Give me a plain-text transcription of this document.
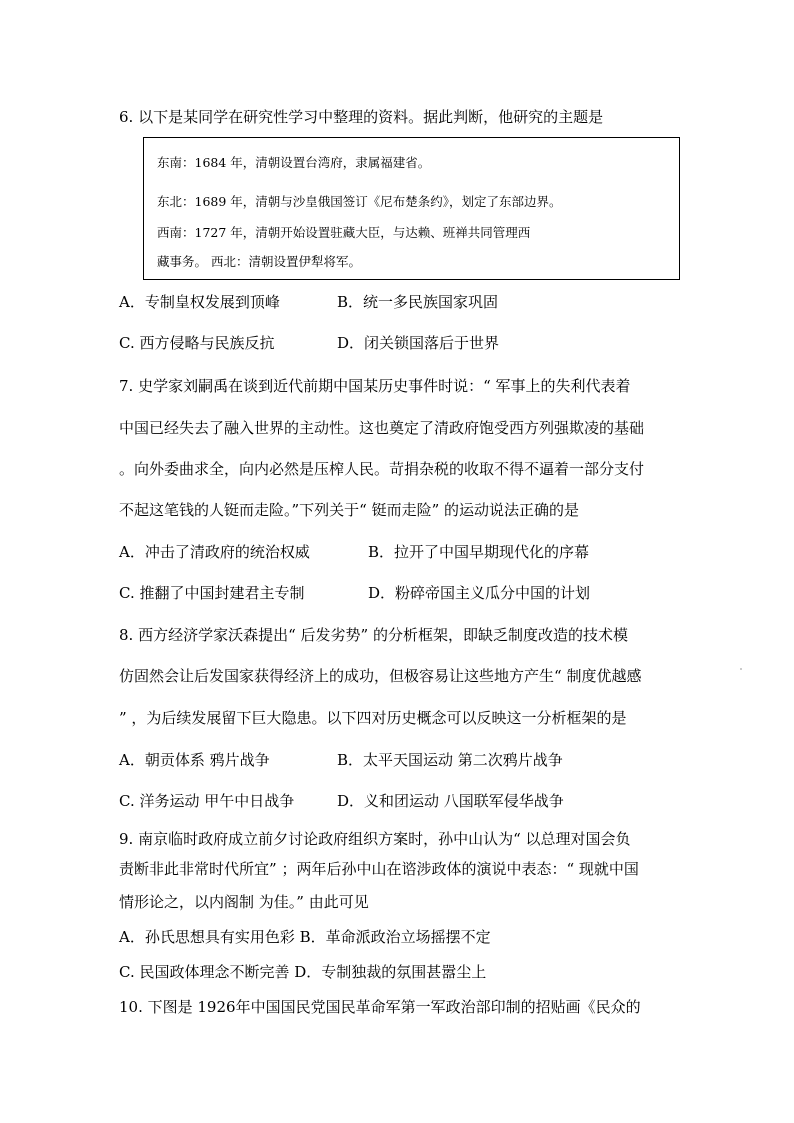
6. 以下是某同学在研究性学习中整理的资料。据此判断，他研究的主题是
东南：1684 年，清朝设置台湾府，隶属福建省。
东北：1689 年，清朝与沙皇俄国签订《尼布楚条约》，划定了东部边界。
西南：1727 年，清朝开始设置驻藏大臣，与达赖、班禅共同管理西
藏事务。 西北：清朝设置伊犁将军。
A．专制皇权发展到顶峰	B．统一多民族国家巩固
C. 西方侵略与民族反抗	D．闭关锁国落后于世界
7. 史学家刘嗣禹在谈到近代前期中国某历史事件时说：“ 军事上的失利代表着
中国已经失去了融入世界的主动性。这也奠定了清政府饱受西方列强欺凌的基础
。向外委曲求全，向内必然是压榨人民。苛捐杂税的收取不得不逼着一部分支付
不起这笔钱的人铤而走险。”下列关于“ 铤而走险” 的运动说法正确的是
A．冲击了清政府的统治权威	B．拉开了中国早期现代化的序幕
C. 推翻了中国封建君主专制	D．粉碎帝国主义瓜分中国的计划
8. 西方经济学家沃森提出“ 后发劣势” 的分析框架，即缺乏制度改造的技术模
仿固然会让后发国家获得经济上的成功，但极容易让这些地方产生“ 制度优越感
” ，为后续发展留下巨大隐患。以下四对历史概念可以反映这一分析框架的是
A．朝贡体系 鸦片战争	B．太平天国运动 第二次鸦片战争
C. 洋务运动 甲午中日战争	D．义和团运动 八国联军侵华战争
9. 南京临时政府成立前夕讨论政府组织方案时，孙中山认为“ 以总理对国会负
责断非此非常时代所宜” ；两年后孙中山在谘涉政体的演说中表态：“ 现就中国
情形论之，以内阁制 为佳。” 由此可见
A．孙氏思想具有实用色彩 B．革命派政治立场摇摆不定
C. 民国政体理念不断完善 D．专制独裁的氛围甚嚣尘上
10. 下图是 1926年中国国民党国民革命军第一军政治部印制的招贴画《民众的
